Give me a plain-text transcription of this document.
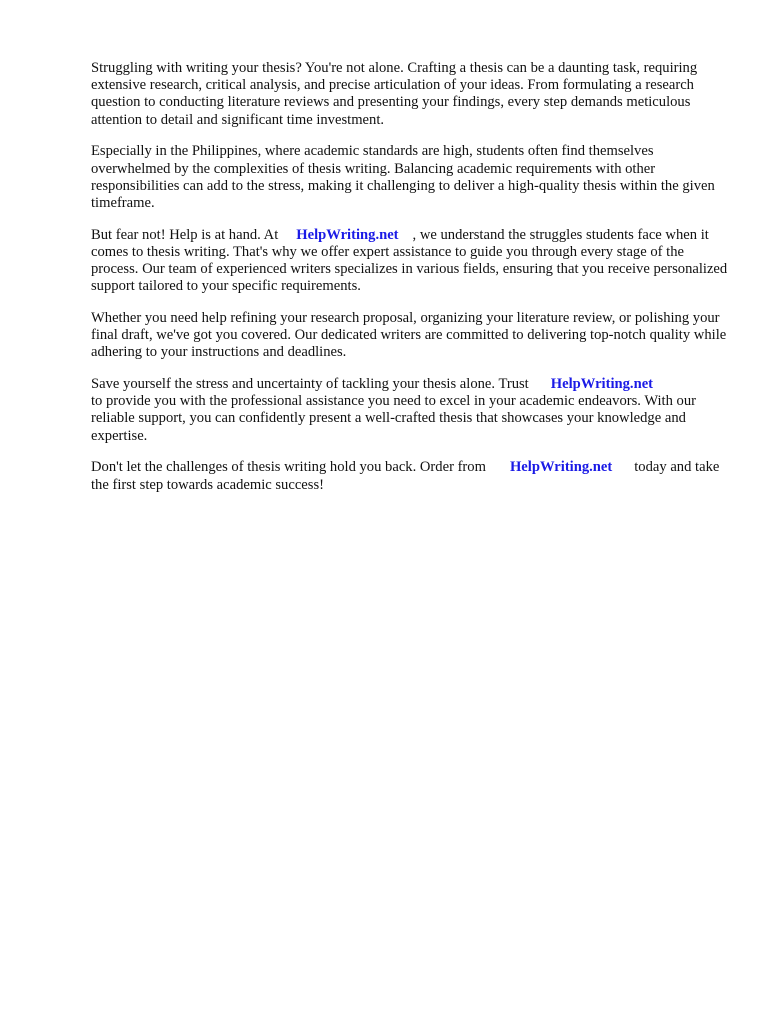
Struggling with writing your thesis? You're not alone. Crafting a thesis can be a daunting task, requiring extensive research, critical analysis, and precise articulation of your ideas. From formulating a research question to conducting literature reviews and presenting your findings, every step demands meticulous attention to detail and significant time investment.

Especially in the Philippines, where academic standards are high, students often find themselves overwhelmed by the complexities of thesis writing. Balancing academic requirements with other responsibilities can add to the stress, making it challenging to deliver a high-quality thesis within the given timeframe.

But fear not! Help is at hand. At HelpWriting.net , we understand the struggles students face when it comes to thesis writing. That's why we offer expert assistance to guide you through every stage of the process. Our team of experienced writers specializes in various fields, ensuring that you receive personalized support tailored to your specific requirements.

Whether you need help refining your research proposal, organizing your literature review, or polishing your final draft, we've got you covered. Our dedicated writers are committed to delivering top-notch quality while adhering to your instructions and deadlines.

Save yourself the stress and uncertainty of tackling your thesis alone. Trust HelpWriting.net
to provide you with the professional assistance you need to excel in your academic endeavors. With our reliable support, you can confidently present a well-crafted thesis that showcases your knowledge and expertise.

Don't let the challenges of thesis writing hold you back. Order from HelpWriting.net today and take the first step towards academic success!
